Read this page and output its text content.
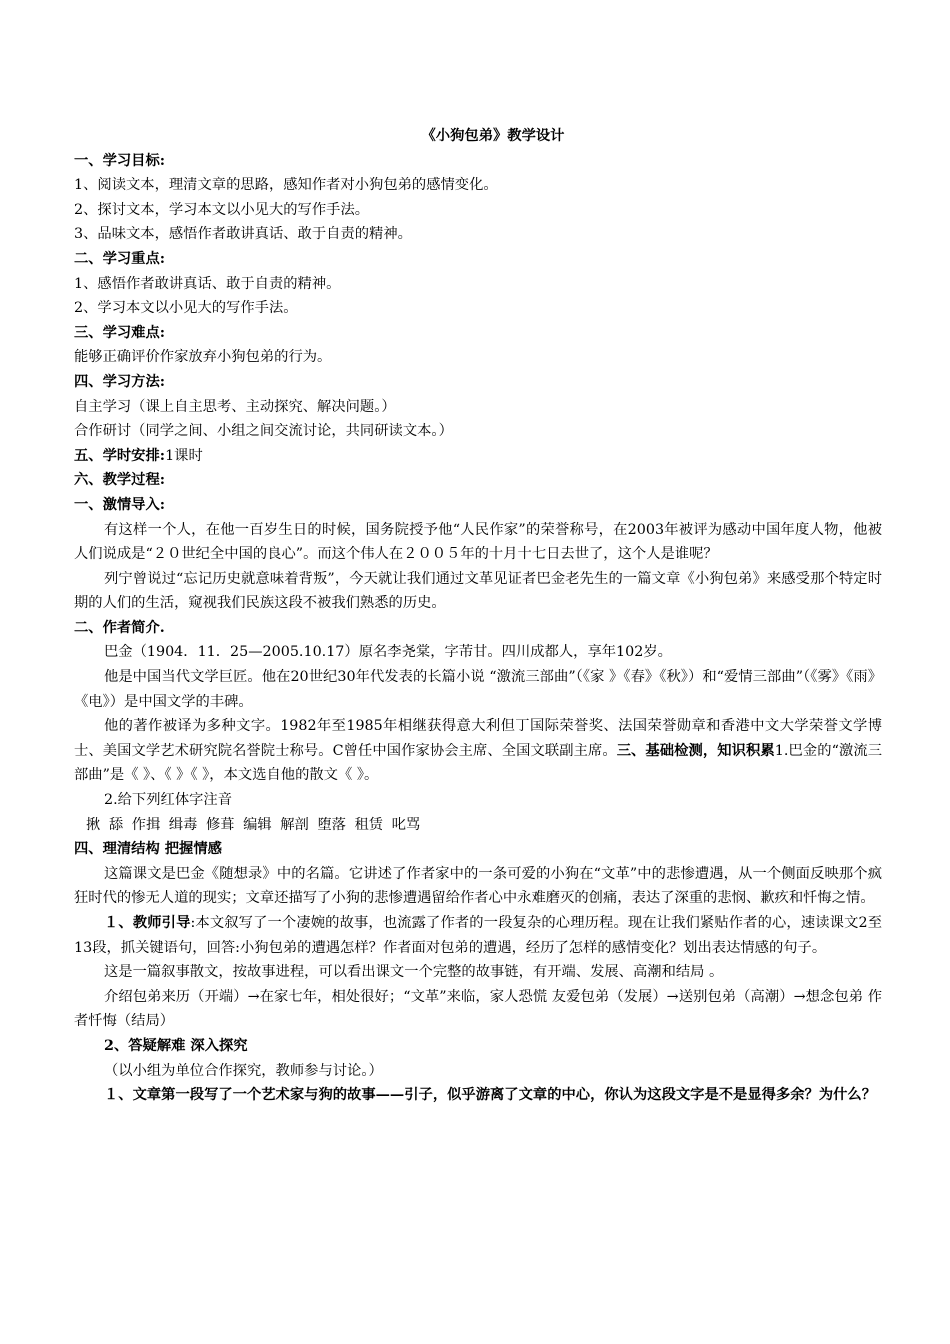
《小狗包弟》教学设计

一、学习目标:

1、阅读文本，理清文章的思路，感知作者对小狗包弟的感情变化。

2、探讨文本，学习本文以小见大的写作手法。

3、品味文本，感悟作者敢讲真话、敢于自责的精神。

二、学习重点:

1、感悟作者敢讲真话、敢于自责的精神。

2、学习本文以小见大的写作手法。

三、学习难点:

能够正确评价作家放弃小狗包弟的行为。

四、学习方法:

自主学习（课上自主思考、主动探究、解决问题。）

合作研讨（同学之间、小组之间交流讨论，共同研读文本。）

五、学时安排:1课时

六、教学过程:

一、激情导入:

有这样一个人，在他一百岁生日的时候，国务院授予他“人民作家”的荣誉称号，在2003年被评为感动中国年度人物，他被人们说成是“２０世纪全中国的良心”。而这个伟人在２００５年的十月十七日去世了，这个人是谁呢？

列宁曾说过“忘记历史就意味着背叛”，今天就让我们通过文革见证者巴金老先生的一篇文章《小狗包弟》来感受那个特定时期的人们的生活，窥视我们民族这段不被我们熟悉的历史。

二、作者简介.

巴金（1904．11．25—2005.10.17）原名李尧棠，字芾甘。四川成都人，享年102岁。

他是中国当代文学巨匠。他在20世纪30年代发表的长篇小说 “激流三部曲”（《家 》《春》《秋》）和“爱情三部曲”（《雾》《雨》《电》）是中国文学的丰碑。

他的著作被译为多种文字。1982年至1985年相继获得意大利但丁国际荣誉奖、法国荣誉勋章和香港中文大学荣誉文学博士、美国文学艺术研究院名誉院士称号。С曾任中国作家协会主席、全国文联副主席。三、基础检测，知识积累1.巴金的“激流三部曲”是《 》、《 》《 》，本文选自他的散文《 》。

2.给下列红体字注音

揪 舔 作揖 缉毒 修葺 编辑 解剖 堕落 租赁 叱骂

四、理清结构 把握情感

这篇课文是巴金《随想录》中的名篇。它讲述了作者家中的一条可爱的小狗在“文革”中的悲惨遭遇，从一个侧面反映那个疯狂时代的惨无人道的现实；文章还描写了小狗的悲惨遭遇留给作者心中永难磨灭的创痛，表达了深重的悲悯、歉疚和忏悔之情。

１、教师引导:本文叙写了一个凄婉的故事，也流露了作者的一段复杂的心理历程。现在让我们紧贴作者的心，速读课文2至13段，抓关键语句，回答:小狗包弟的遭遇怎样？作者面对包弟的遭遇，经历了怎样的感情变化？划出表达情感的句子。

这是一篇叙事散文，按故事进程，可以看出课文一个完整的故事链，有开端、发展、高潮和结局 。

介绍包弟来历（开端）→在家七年，相处很好；“文革”来临，家人恐慌 友爱包弟（发展）→送别包弟（高潮）→想念包弟 作者忏悔（结局）

2、答疑解难 深入探究

（以小组为单位合作探究，教师参与讨论。）

１、文章第一段写了一个艺术家与狗的故事——引子，似乎游离了文章的中心，你认为这段文字是不是显得多余？为什么？
